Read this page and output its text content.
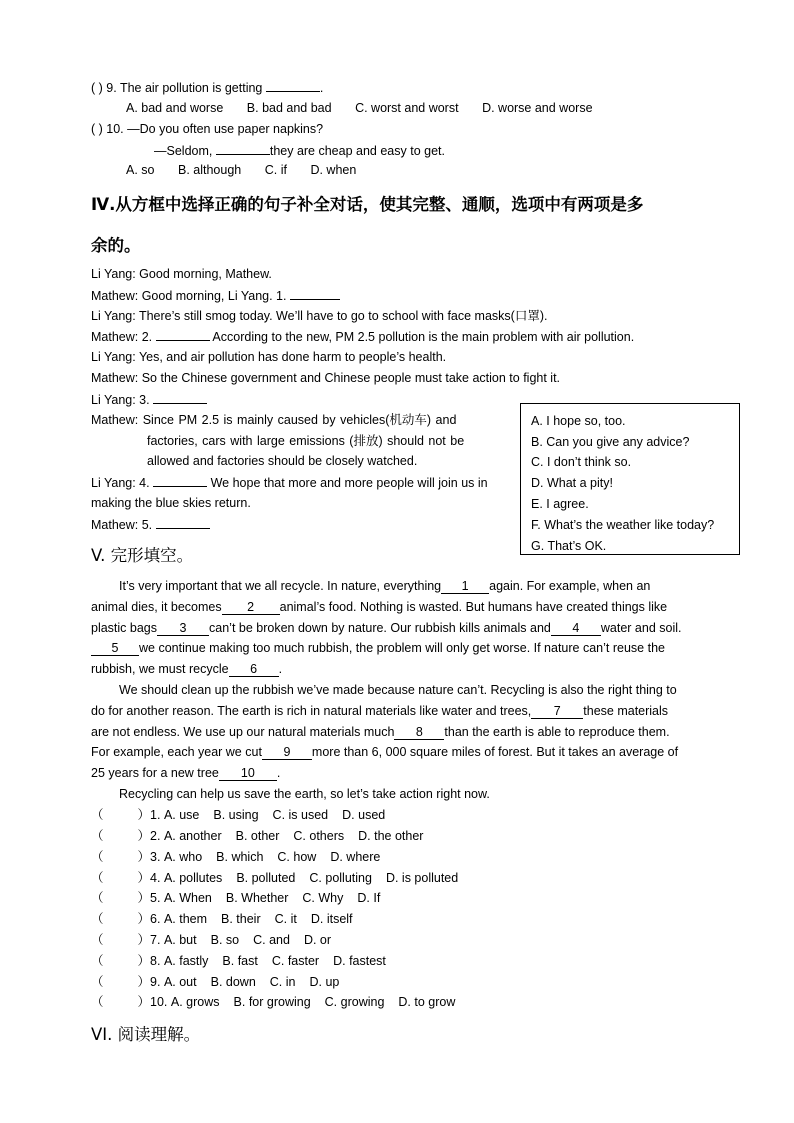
( ) 9. The air pollution is getting	.
A. bad and worse B. bad and bad C. worst and worst D. worse and worse
( ) 10. —Do you often use paper napkins?
—Seldom,	they are cheap and easy to get.
A. so B. although C. if D. when
Ⅳ.从方框中选择正确的句子补全对话，使其完整、通顺，选项中有两项是多
余的。
Li Yang: Good morning, Mathew.
Mathew: Good morning, Li Yang. 1.
Li Yang: There’s still smog today. We’ll have to go to school with face masks(口罩).
Mathew: 2.	According to the new, PM 2.5 pollution is the main problem with air pollution.
Li Yang: Yes, and air pollution has done harm to people’s health.
Mathew: So the Chinese government and Chinese people must take action to fight it.
Li Yang: 3.
Mathew: Since PM 2.5 is mainly caused by vehicles(机动车) and
factories, cars with large emissions (排放) should not be
allowed and factories should be closely watched.
Li Yang: 4.	We hope that more and more people will join us in
making the blue skies return.
Mathew: 5.
A. I hope so, too.
B. Can you give any advice?
C. I don’t think so.
D. What a pity!
E. I agree.
F. What’s the weather like today?
G. That’s OK.
V. 完形填空。
It’s very important that we all recycle. In nature, everything 1 again. For example, when an
animal dies, it becomes 2 animal’s food. Nothing is wasted. But humans have created things like
plastic bags 3 can’t be broken down by nature. Our rubbish kills animals and 4 water and soil.
5 we continue making too much rubbish, the problem will only get worse. If nature can’t reuse the
rubbish, we must recycle 6 .
We should clean up the rubbish we’ve made because nature can’t. Recycling is also the right thing to
do for another reason. The earth is rich in natural materials like water and trees, 7 these materials
are not endless. We use up our natural materials much 8 than the earth is able to reproduce them.
For example, each year we cut 9 more than 6, 000 square miles of forest. But it takes an average of
25 years for a new tree 10 .
Recycling can help us save the earth, so let’s take action right now.
（	）1. A. use B. using C. is used D. used
（	）2. A. another B. other C. others D. the other
（	）3. A. who B. which C. how D. where
（	）4. A. pollutes B. polluted C. polluting D. is polluted
（	）5. A. When B. Whether C. Why D. If
（	）6. A. them B. their C. it D. itself
（	）7. A. but B. so C. and D. or
（	）8. A. fastly B. fast C. faster D. fastest
（	）9. A. out B. down C. in D. up
（	）10. A. grows B. for growing C. growing D. to grow
VI. 阅读理解。
